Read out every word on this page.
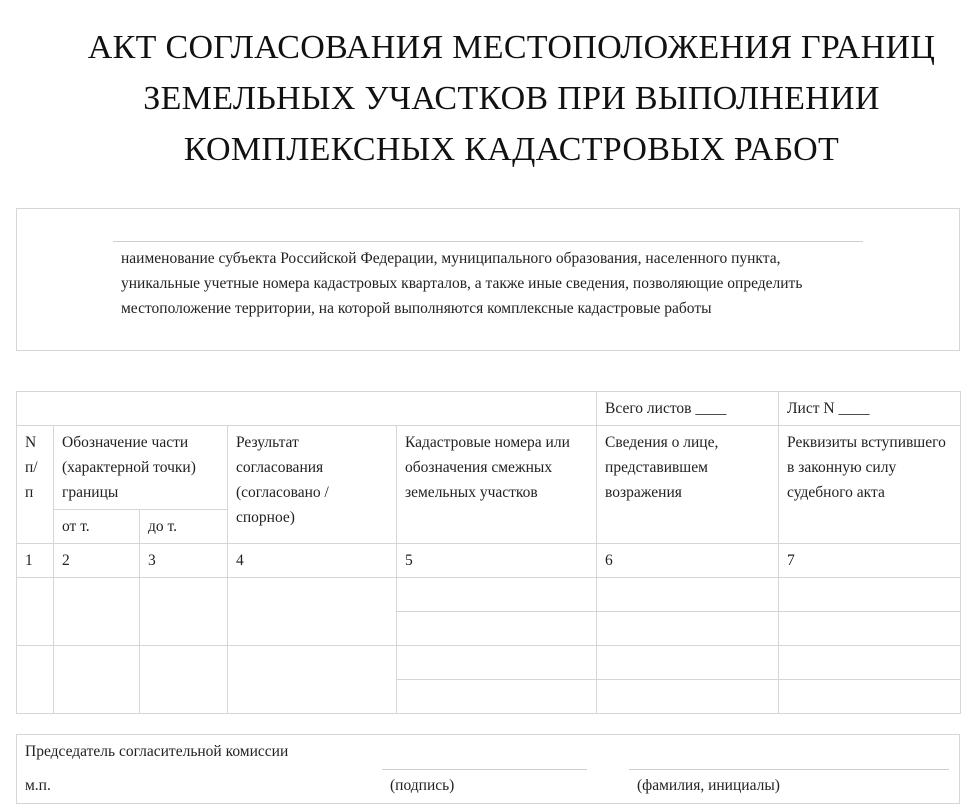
АКТ СОГЛАСОВАНИЯ МЕСТОПОЛОЖЕНИЯ ГРАНИЦ
ЗЕМЕЛЬНЫХ УЧАСТКОВ ПРИ ВЫПОЛНЕНИИ
КОМПЛЕКСНЫХ КАДАСТРОВЫХ РАБОТ
наименование субъекта Российской Федерации, муниципального образования, населенного пункта, уникальные учетные номера кадастровых кварталов, а также иные сведения, позволяющие определить местоположение территории, на которой выполняются комплексные кадастровые работы
					Всего листов ____	Лист N ____
N п/п	Обозначение части (характерной точки) границы		Результат согласования (согласовано / спорное)	Кадастровые номера или обозначения смежных земельных участков	Сведения о лице, представившем возражения	Реквизиты вступившего в законную силу судебного акта
	от т.	до т.				
1	2	3	4	5	6	7

Председатель согласительной комиссии
м.п.	(подпись)	(фамилия, инициалы)
